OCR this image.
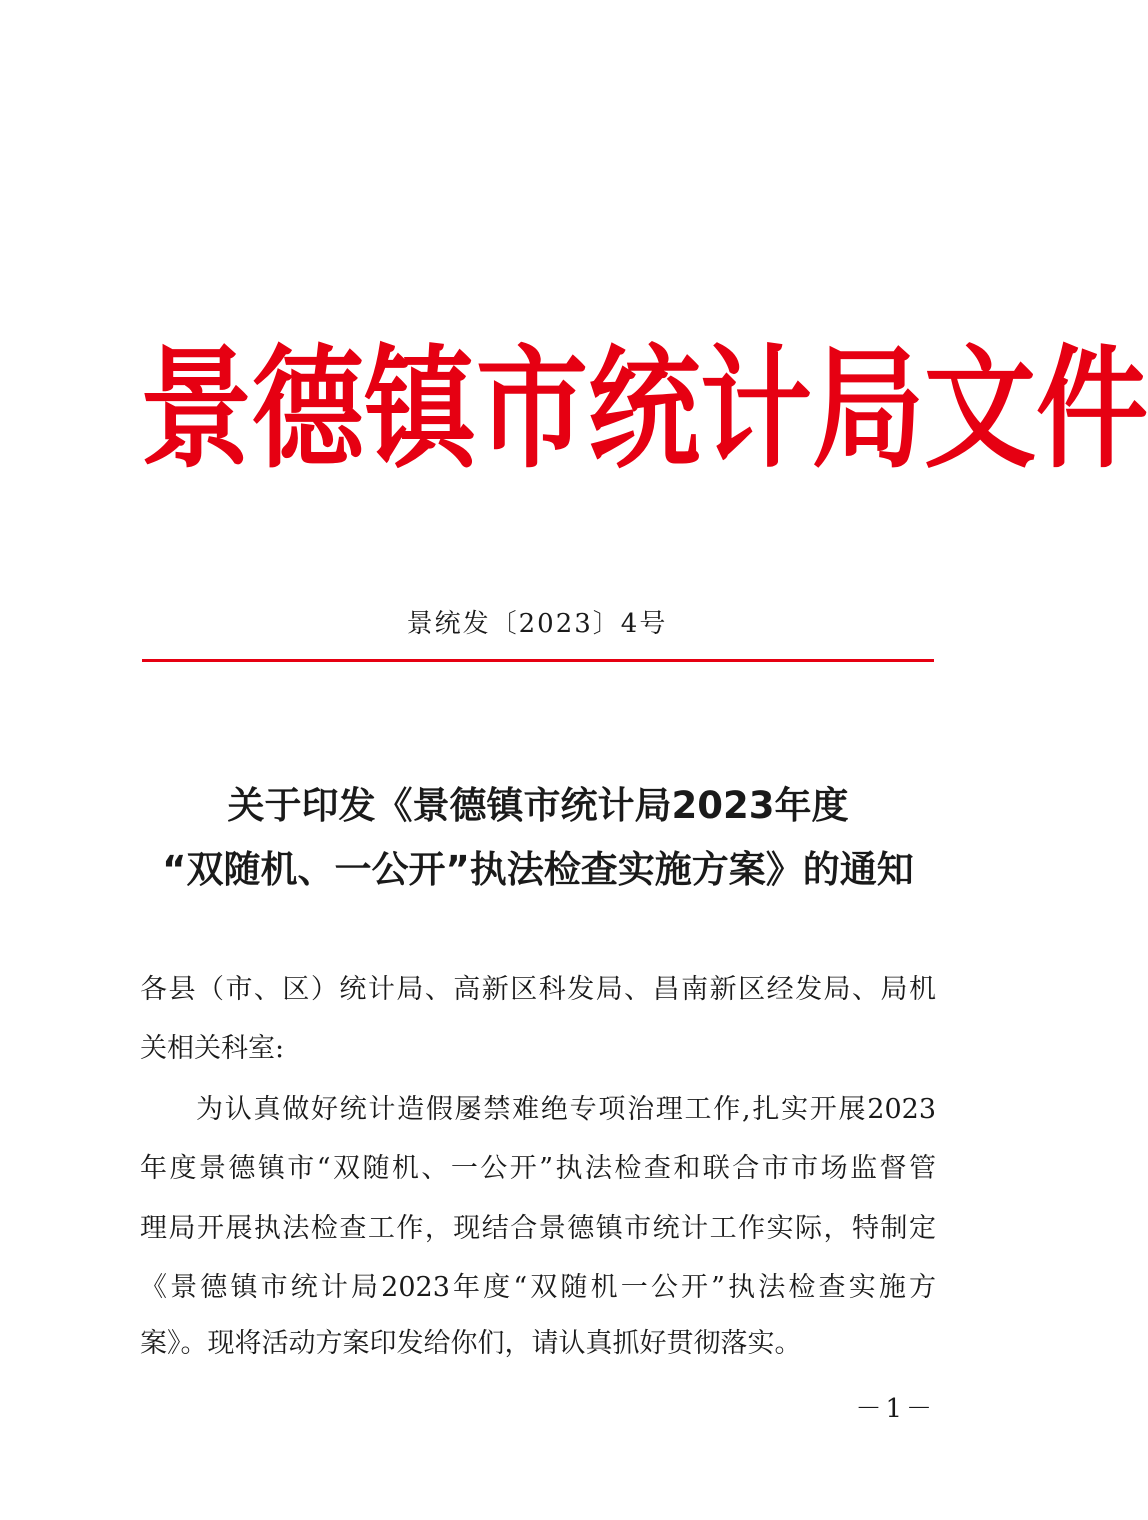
景 德 镇 市 统 计 局 文 件
景统发〔2023〕4号
关于印发《景德镇市统计局2023年度
“双随机、一公开”执法检查实施方案》的通知
各县（市、区）统计局、高新区科发局、昌南新区经发局、局机
关相关科室:
为认真做好统计造假屡禁难绝专项治理工作,扎实开展2023
年度景德镇市“双随机、一公开”执法检查和联合市市场监督管
理局开展执法检查工作，现结合景德镇市统计工作实际，特制定
《景德镇市统计局2023年度“双随机一公开”执法检查实施方
案》。现将活动方案印发给你们，请认真抓好贯彻落实。
－1－
